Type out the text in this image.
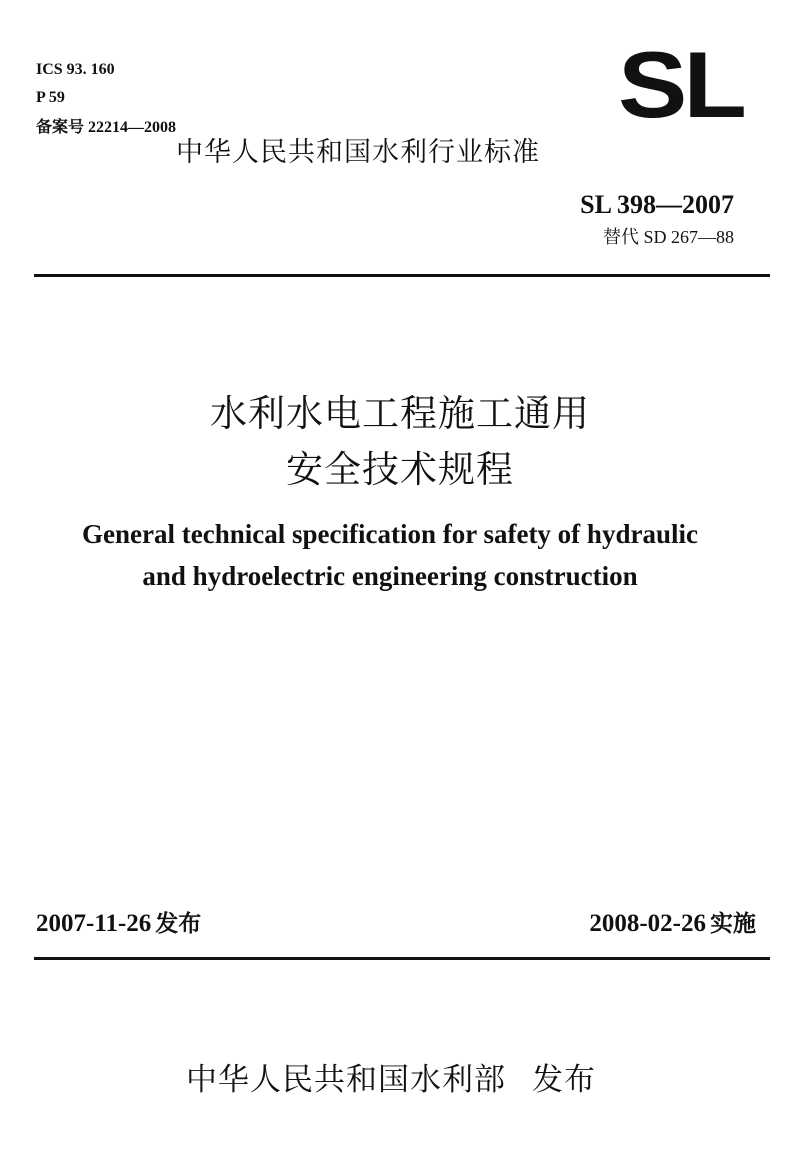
ICS 93. 160
P 59
备案号 22214—2008	SL
中华人民共和国水利行业标准
SL 398—2007
替代 SD 267—88
水利水电工程施工通用
安全技术规程
General technical specification for safety of hydraulic
and hydroelectric engineering construction
2007-11-26 发布	2008-02-26 实施
中华人民共和国水利部 发布
